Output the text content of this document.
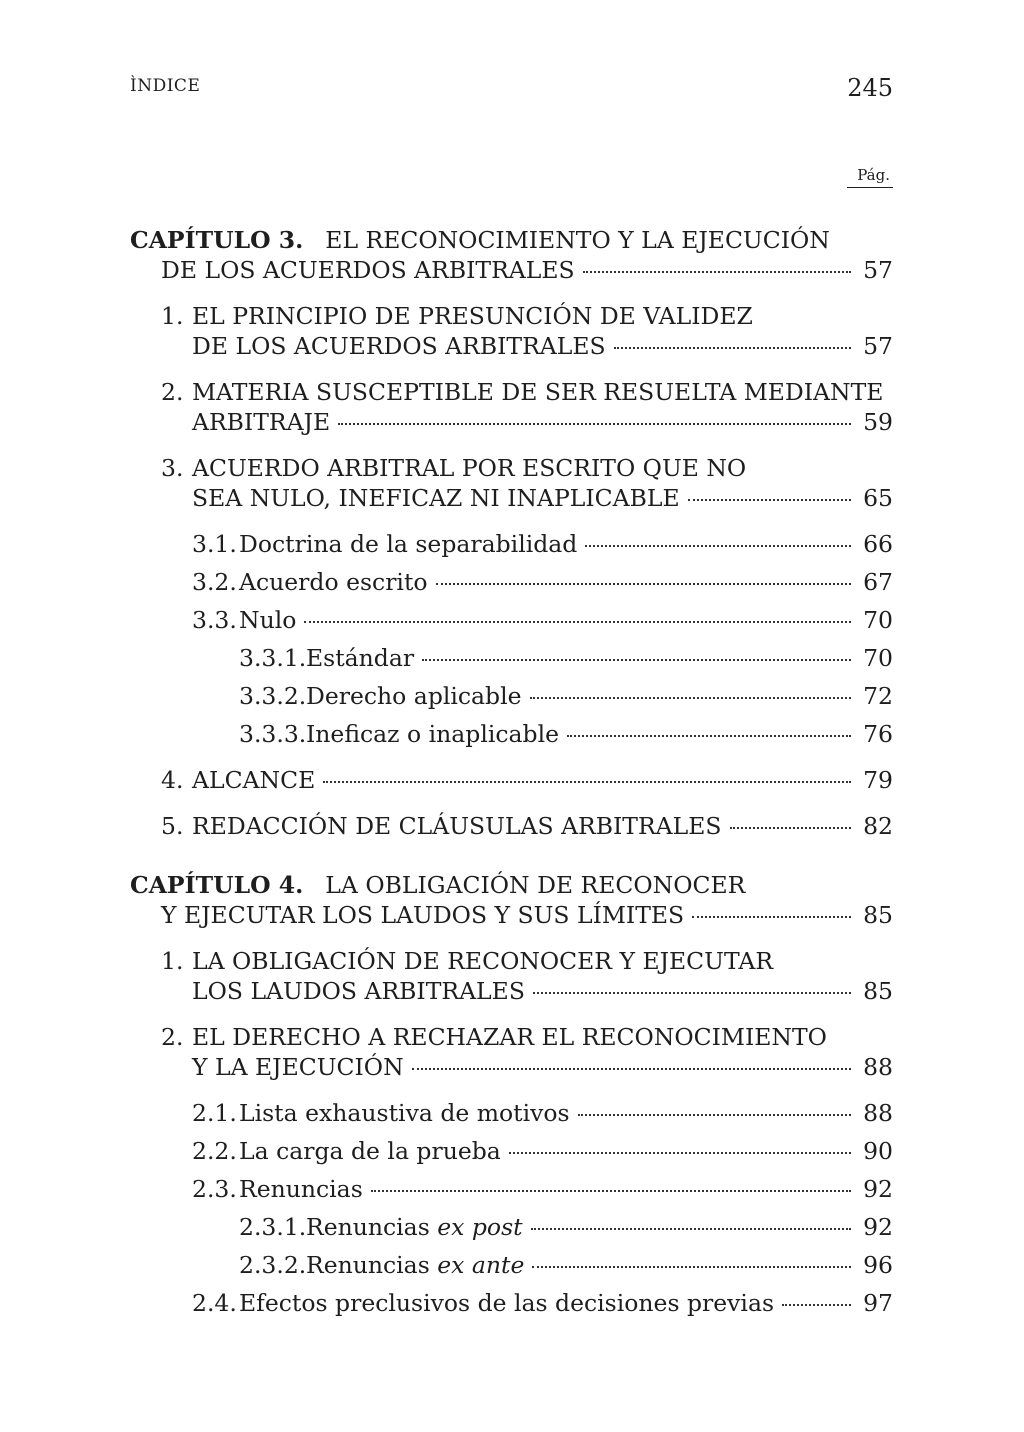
ÌNDICE	245
Pág.
CAPÍTULO 3. EL RECONOCIMIENTO Y LA EJECUCIÓN
DE LOS ACUERDOS ARBITRALES	57
1. EL PRINCIPIO DE PRESUNCIÓN DE VALIDEZ
DE LOS ACUERDOS ARBITRALES	57
2. MATERIA SUSCEPTIBLE DE SER RESUELTA MEDIANTE
ARBITRAJE	59
3. ACUERDO ARBITRAL POR ESCRITO QUE NO
SEA NULO, INEFICAZ NI INAPLICABLE	65
3.1. Doctrina de la separabilidad	66
3.2. Acuerdo escrito	67
3.3. Nulo	70
3.3.1. Estándar	70
3.3.2. Derecho aplicable	72
3.3.3. Ineficaz o inaplicable	76
4. ALCANCE	79
5. REDACCIÓN DE CLÁUSULAS ARBITRALES	82
CAPÍTULO 4. LA OBLIGACIÓN DE RECONOCER
Y EJECUTAR LOS LAUDOS Y SUS LÍMITES	85
1. LA OBLIGACIÓN DE RECONOCER Y EJECUTAR
LOS LAUDOS ARBITRALES	85
2. EL DERECHO A RECHAZAR EL RECONOCIMIENTO
Y LA EJECUCIÓN	88
2.1. Lista exhaustiva de motivos	88
2.2. La carga de la prueba	90
2.3. Renuncias	92
2.3.1. Renuncias ex post	92
2.3.2. Renuncias ex ante	96
2.4. Efectos preclusivos de las decisiones previas	97
